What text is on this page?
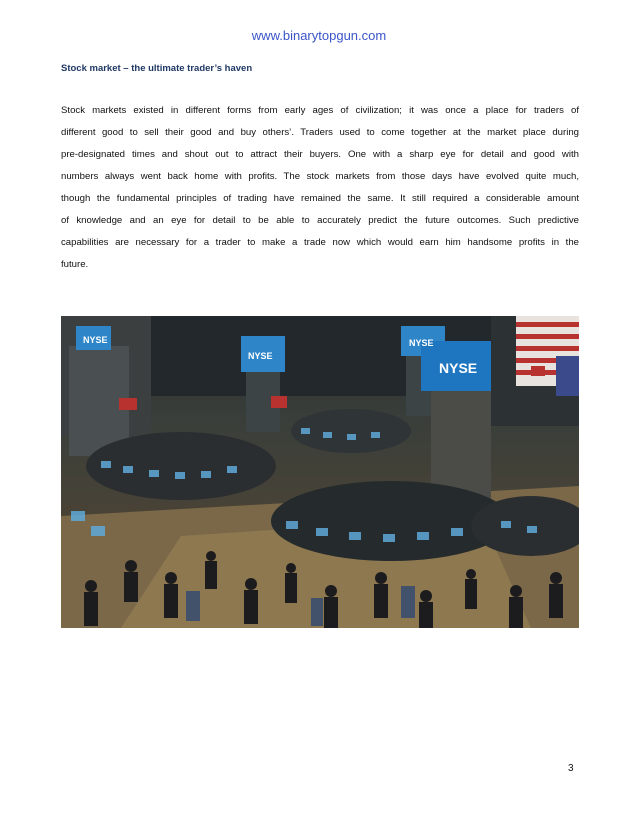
www.binarytopgun.com
Stock market – the ultimate trader’s haven
Stock markets existed in different forms from early ages of civilization; it was once a place for traders of
different good to sell their good and buy others’. Traders used to come together at the market place during
pre-designated times and shout out to attract their buyers. One with a sharp eye for detail and good with
numbers always went back home with profits. The stock markets from those days have evolved quite much,
though the fundamental principles of trading have remained the same. It still required a considerable amount
of knowledge and an eye for detail to be able to accurately predict the future outcomes. Such predictive
capabilities are necessary for a trader to make a trade now which would earn him handsome profits in the
future.
NYSE
NYSE
NYSE
NYSE
3
